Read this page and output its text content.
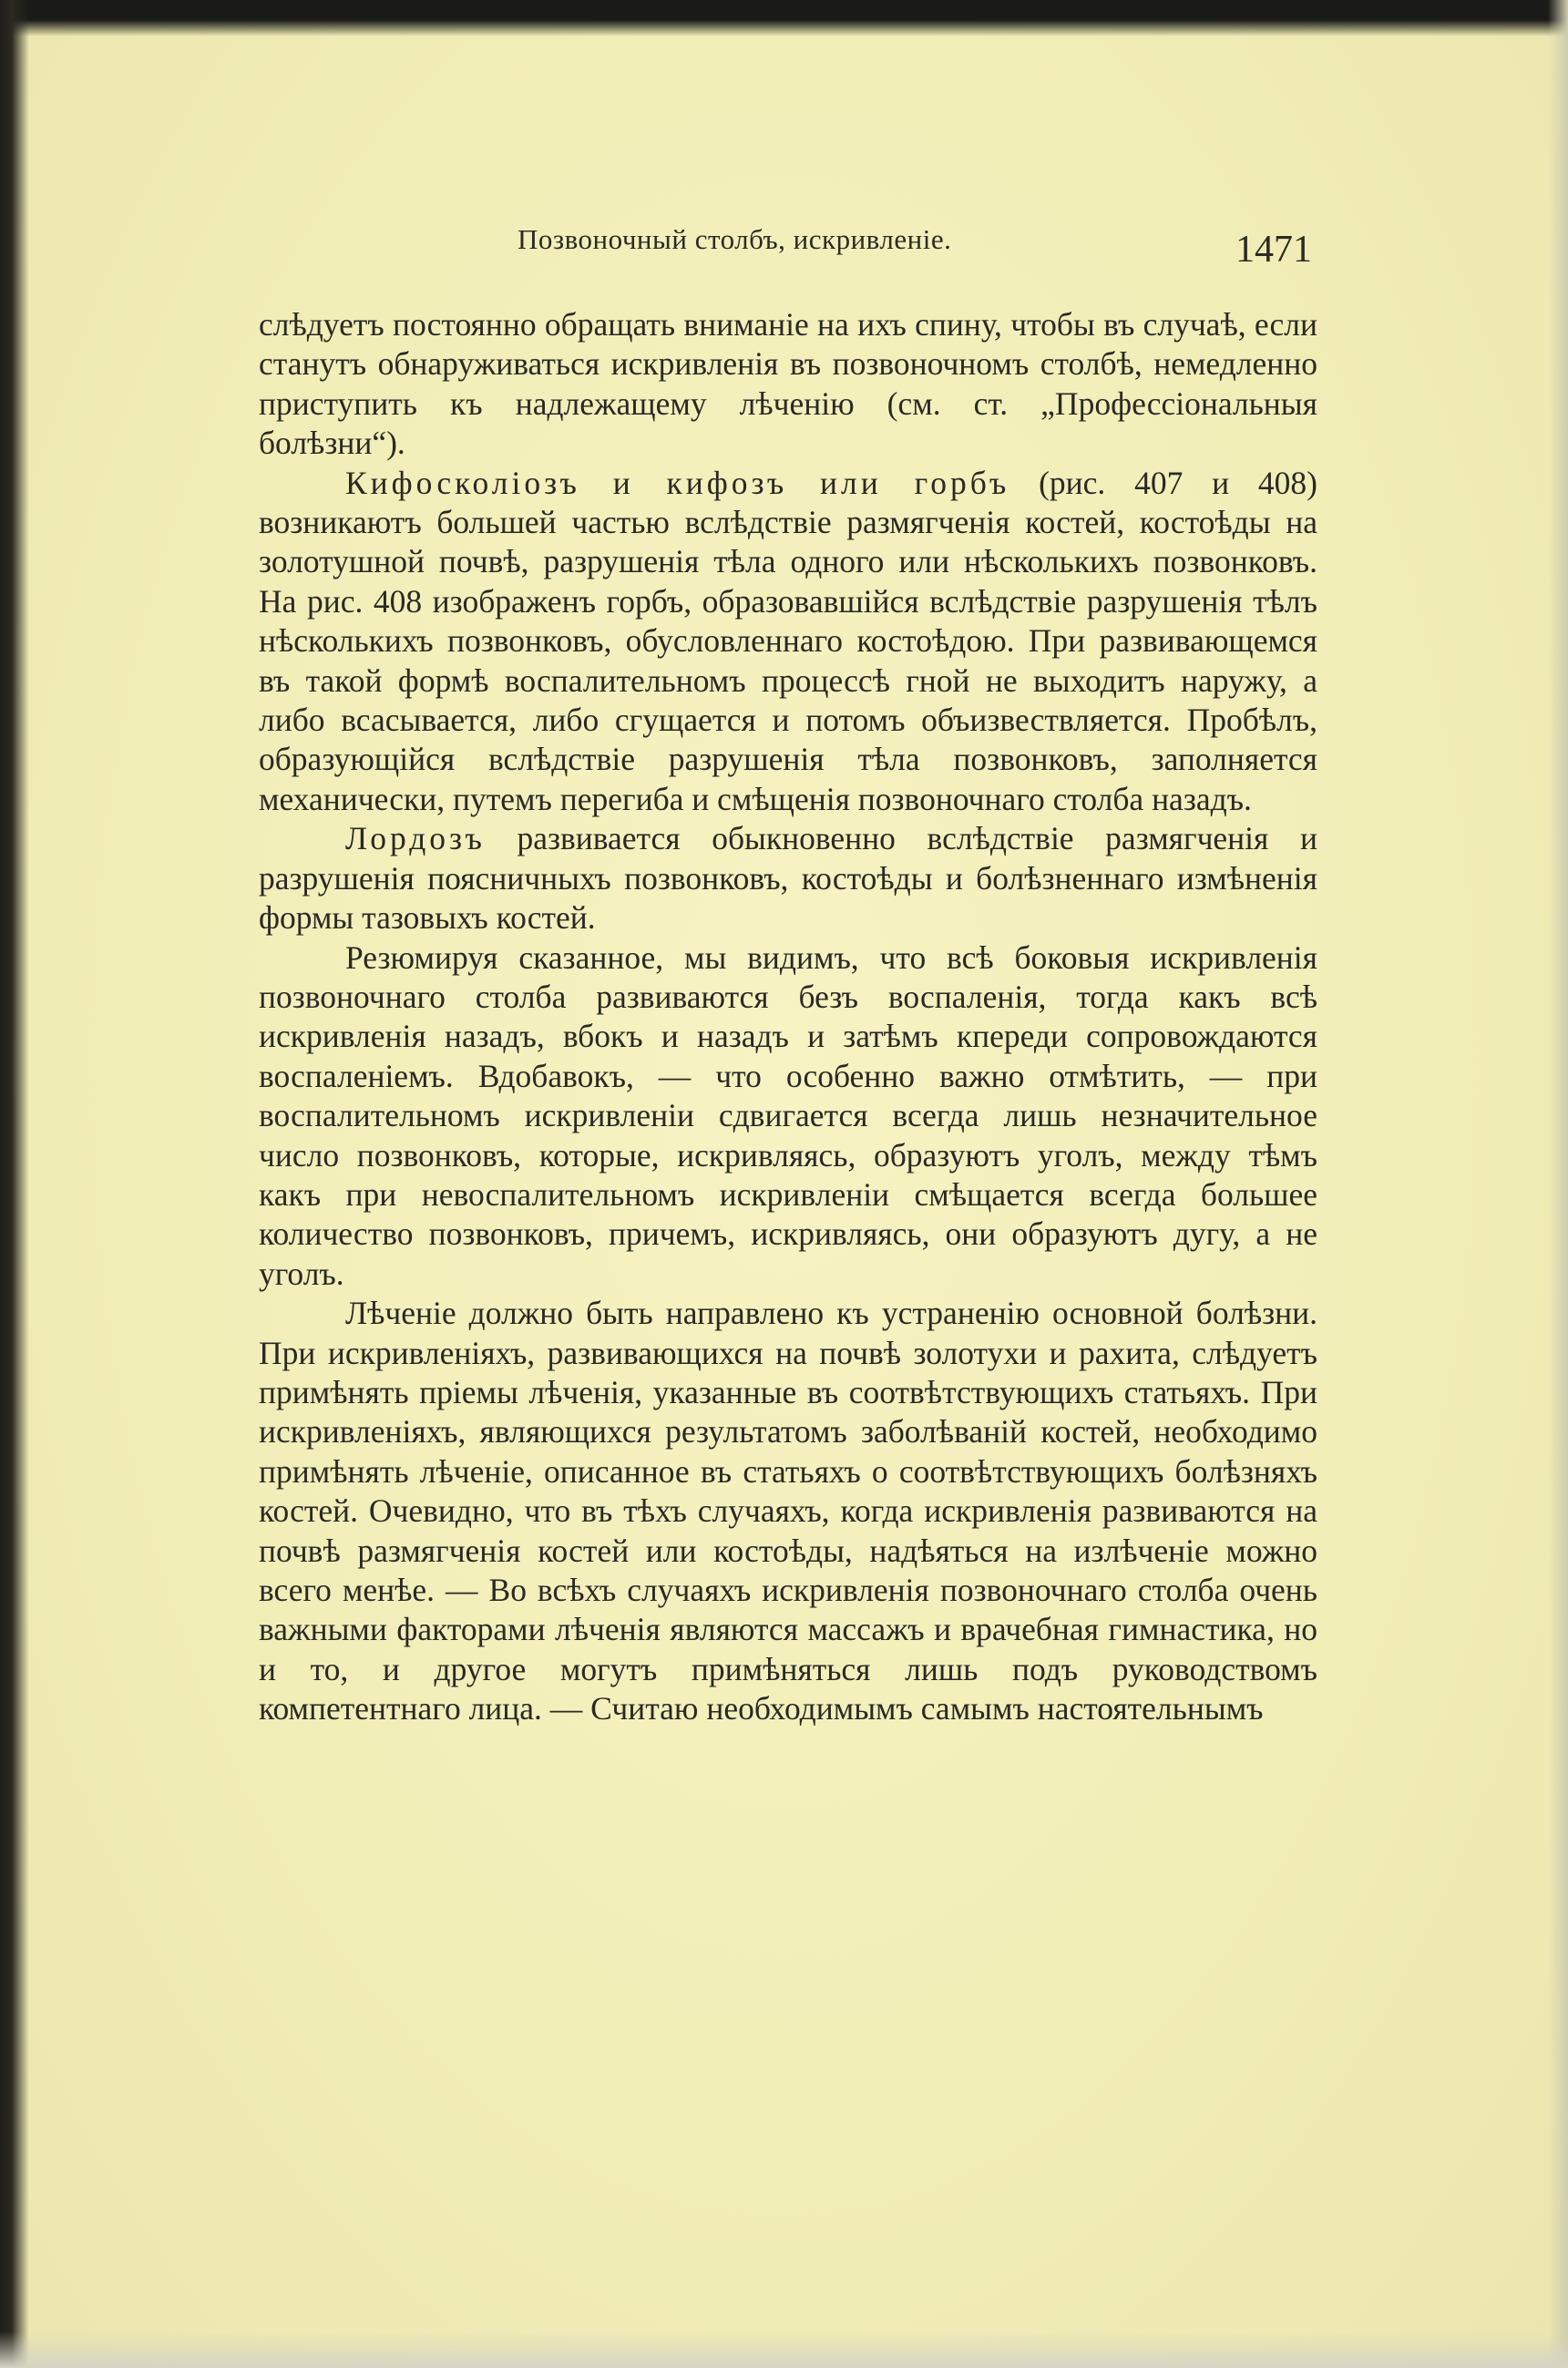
Позвоночный столбъ, искривленіе.	1471

слѣдуетъ постоянно обращать вниманіе на ихъ спину, чтобы въ случаѣ, если станутъ обнаруживаться искривленія въ позвоночномъ столбѣ, немедленно приступить къ надлежащему лѣченію (см. ст. „Профессіональныя болѣзни“).

Кифосколіозъ и кифозъ или горбъ (рис. 407 и 408) возникаютъ большей частью вслѣдствіе размягченія костей, костоѣды на золотушной почвѣ, разрушенія тѣла одного или нѣсколькихъ позвонковъ. На рис. 408 изображенъ горбъ, образовавшійся вслѣдствіе разрушенія тѣлъ нѣсколькихъ позвонковъ, обусловленнаго костоѣдою. При развивающемся въ такой формѣ воспалительномъ процессѣ гной не выходитъ наружу, а либо всасывается, либо сгущается и потомъ объизвествляется. Пробѣлъ, образующійся вслѣдствіе разрушенія тѣла позвонковъ, заполняется механически, путемъ перегиба и смѣщенія позвоночнаго столба назадъ.

Лордозъ развивается обыкновенно вслѣдствіе размягченія и разрушенія поясничныхъ позвонковъ, костоѣды и болѣзненнаго измѣненія формы тазовыхъ костей.

Резюмируя сказанное, мы видимъ, что всѣ боковыя искривленія позвоночнаго столба развиваются безъ воспаленія, тогда какъ всѣ искривленія назадъ, вбокъ и назадъ и затѣмъ кпереди сопровождаются воспаленіемъ. Вдобавокъ, — что особенно важно отмѣтить, — при воспалительномъ искривленіи сдвигается всегда лишь незначительное число позвонковъ, которые, искривляясь, образуютъ уголъ, между тѣмъ какъ при невоспалительномъ искривленіи смѣщается всегда большее количество позвонковъ, причемъ, искривляясь, они образуютъ дугу, а не уголъ.

Лѣченіе должно быть направлено къ устраненію основной болѣзни. При искривленіяхъ, развивающихся на почвѣ золотухи и рахита, слѣдуетъ примѣнять пріемы лѣченія, указанные въ соотвѣтствующихъ статьяхъ. При искривленіяхъ, являющихся результатомъ заболѣваній костей, необходимо примѣнять лѣченіе, описанное въ статьяхъ о соотвѣтствующихъ болѣзняхъ костей. Очевидно, что въ тѣхъ случаяхъ, когда искривленія развиваются на почвѣ размягченія костей или костоѣды, надѣяться на излѣченіе можно всего менѣе. — Во всѣхъ случаяхъ искривленія позвоночнаго столба очень важными факторами лѣченія являются массажъ и врачебная гимнастика, но и то, и другое могутъ примѣняться лишь подъ руководствомъ компетентнаго лица. — Считаю необходимымъ самымъ настоятельнымъ
